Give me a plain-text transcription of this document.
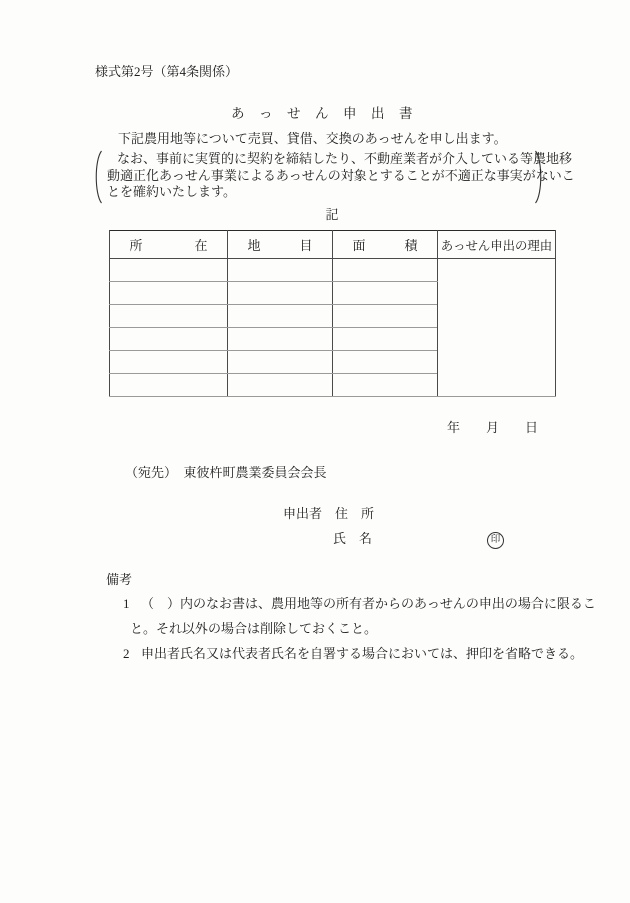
様式第2号（第4条関係）
あ　っ　せ　ん　申　出　書
下記農用地等について売買、貸借、交換のあっせんを申し出ます。
なお、事前に実質的に契約を締結したり、不動産業者が介入している等農地移
動適正化あっせん事業によるあっせんの対象とすることが不適正な事実がないこ
とを確約いたします。
記
所　　　　在	地　　　目	面　　　積	あっせん申出の理由

年　　月　　日
（宛先）　東彼杵町農業委員会会長
申出者　住　所
氏　名	印
備考
1 （　）内のなお書は、農用地等の所有者からのあっせんの申出の場合に限るこ
と。それ以外の場合は削除しておくこと。
2 申出者氏名又は代表者氏名を自署する場合においては、押印を省略できる。
